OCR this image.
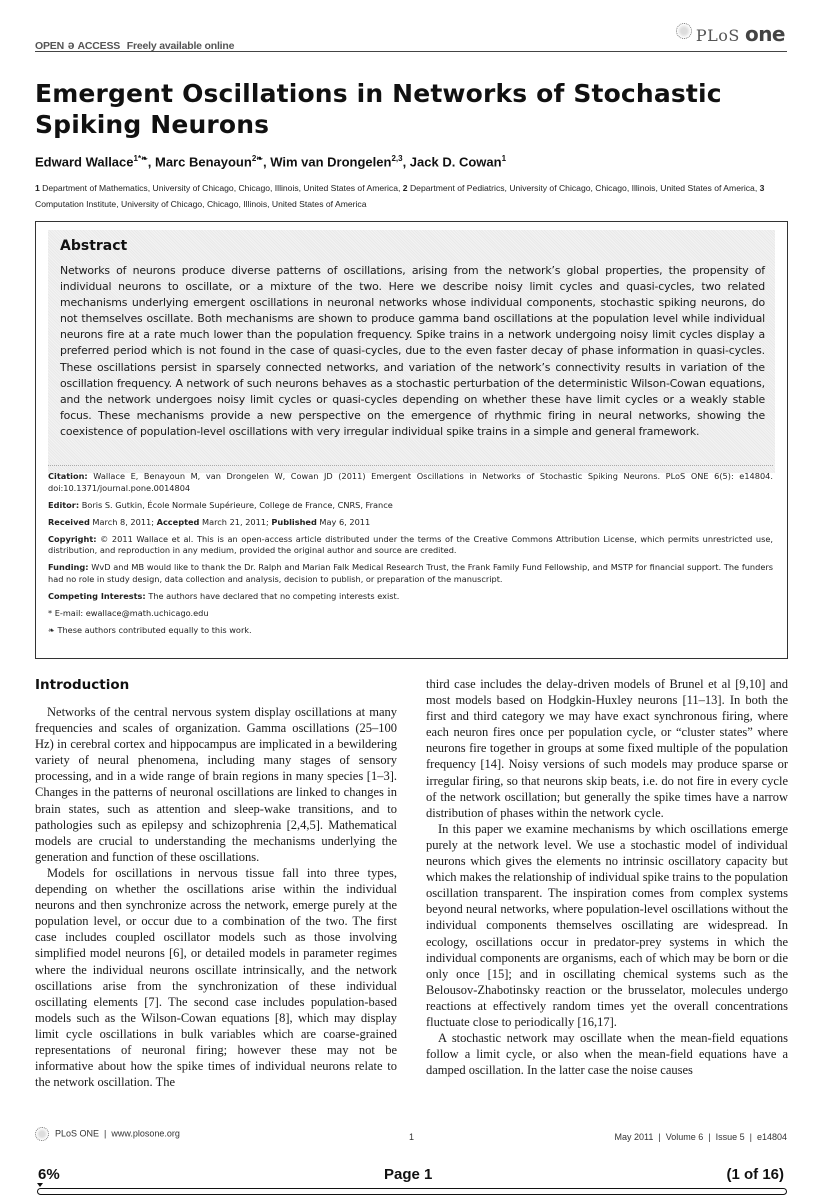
OPEN ə ACCESS Freely available online
PLoS one
Emergent Oscillations in Networks of Stochastic Spiking Neurons
Edward Wallace$^{1*❧}$, Marc Benayoun$^{2❧}$, Wim van Drongelen$^{2,3}$, Jack D. Cowan$^1$
1 Department of Mathematics, University of Chicago, Chicago, Illinois, United States of America, 2 Department of Pediatrics, University of Chicago, Chicago, Illinois, United States of America, 3 Computation Institute, University of Chicago, Chicago, Illinois, United States of America
Abstract

Networks of neurons produce diverse patterns of oscillations, arising from the network’s global properties, the propensity of individual neurons to oscillate, or a mixture of the two. Here we describe noisy limit cycles and quasi-cycles, two related mechanisms underlying emergent oscillations in neuronal networks whose individual components, stochastic spiking neurons, do not themselves oscillate. Both mechanisms are shown to produce gamma band oscillations at the population level while individual neurons fire at a rate much lower than the population frequency. Spike trains in a network undergoing noisy limit cycles display a preferred period which is not found in the case of quasi-cycles, due to the even faster decay of phase information in quasi-cycles. These oscillations persist in sparsely connected networks, and variation of the network’s connectivity results in variation of the oscillation frequency. A network of such neurons behaves as a stochastic perturbation of the deterministic Wilson-Cowan equations, and the network undergoes noisy limit cycles or quasi-cycles depending on whether these have limit cycles or a weakly stable focus. These mechanisms provide a new perspective on the emergence of rhythmic firing in neural networks, showing the coexistence of population-level oscillations with very irregular individual spike trains in a simple and general framework.

Citation: Wallace E, Benayoun M, van Drongelen W, Cowan JD (2011) Emergent Oscillations in Networks of Stochastic Spiking Neurons. PLoS ONE 6(5): e14804. doi:10.1371/journal.pone.0014804

Editor: Boris S. Gutkin, École Normale Supérieure, College de France, CNRS, France

Received March 8, 2011; Accepted March 21, 2011; Published May 6, 2011

Copyright: © 2011 Wallace et al. This is an open-access article distributed under the terms of the Creative Commons Attribution License, which permits unrestricted use, distribution, and reproduction in any medium, provided the original author and source are credited.

Funding: WvD and MB would like to thank the Dr. Ralph and Marian Falk Medical Research Trust, the Frank Family Fund Fellowship, and MSTP for financial support. The funders had no role in study design, data collection and analysis, decision to publish, or preparation of the manuscript.

Competing Interests: The authors have declared that no competing interests exist.

* E-mail: ewallace@math.uchicago.edu

❧ These authors contributed equally to this work.

Introduction

Networks of the central nervous system display oscillations at many frequencies and scales of organization. Gamma oscillations (25–100 Hz) in cerebral cortex and hippocampus are implicated in a bewildering variety of neural phenomena, including many stages of sensory processing, and in a wide range of brain regions in many species [1–3]. Changes in the patterns of neuronal oscillations are linked to changes in brain states, such as attention and sleep-wake transitions, and to pathologies such as epilepsy and schizophrenia [2,4,5]. Mathematical models are crucial to understanding the mechanisms underlying the generation and function of these oscillations.

Models for oscillations in nervous tissue fall into three types, depending on whether the oscillations arise within the individual neurons and then synchronize across the network, emerge purely at the population level, or occur due to a combination of the two. The first case includes coupled oscillator models such as those involving simplified model neurons [6], or detailed models in parameter regimes where the individual neurons oscillate intrinsically, and the network oscillations arise from the synchronization of these individual oscillating elements [7]. The second case includes population-based models such as the Wilson-Cowan equations [8], which may display limit cycle oscillations in bulk variables which are coarse-grained representations of neuronal firing; however these may not be informative about how the spike times of individual neurons relate to the network oscillation. The

third case includes the delay-driven models of Brunel et al [9,10] and most models based on Hodgkin-Huxley neurons [11–13]. In both the first and third category we may have exact synchronous firing, where each neuron fires once per population cycle, or “cluster states” where neurons fire together in groups at some fixed multiple of the population frequency [14]. Noisy versions of such models may produce sparse or irregular firing, so that neurons skip beats, i.e. do not fire in every cycle of the network oscillation; but generally the spike times have a narrow distribution of phases within the network cycle.

In this paper we examine mechanisms by which oscillations emerge purely at the network level. We use a stochastic model of individual neurons which gives the elements no intrinsic oscillatory capacity but which makes the relationship of individual spike trains to the population oscillation transparent. The inspiration comes from complex systems beyond neural networks, where population-level oscillations without the individual components themselves oscillating are widespread. In ecology, oscillations occur in predator-prey systems in which the individual components are organisms, each of which may be born or die only once [15]; and in oscillating chemical systems such as the Belousov-Zhabotinsky reaction or the brusselator, molecules undergo reactions at effectively random times yet the overall concentrations fluctuate close to periodically [16,17].

A stochastic network may oscillate when the mean-field equations follow a limit cycle, or also when the mean-field equations have a damped oscillation. In the latter case the noise causes

PLoS ONE  |  www.plosone.org	1	May 2011  |  Volume 6  |  Issue 5  |  e14804
6%	Page 1	(1 of 16)
